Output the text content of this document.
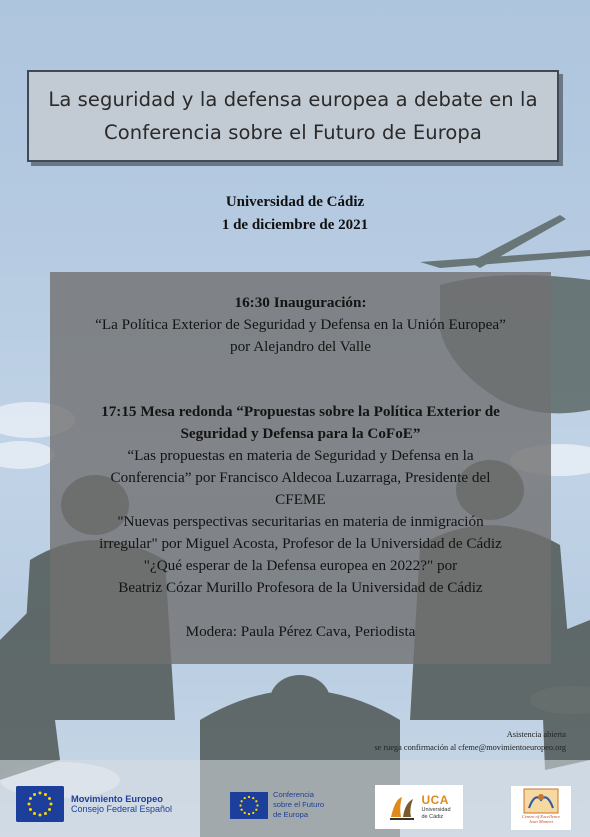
La seguridad y la defensa europea a debate en la Conferencia sobre el Futuro de Europa
Universidad de Cádiz
1 de diciembre de 2021

16:30 Inauguración:

“La Política Exterior de Seguridad y Defensa en la Unión Europea”

por Alejandro del Valle

17:15 Mesa redonda “Propuestas sobre la Política Exterior de

Seguridad y Defensa para la CoFoE”

“Las propuestas en materia de Seguridad y Defensa en la

Conferencia” por Francisco Aldecoa Luzarraga, Presidente del

CFEME

"Nuevas perspectivas securitarias en materia de inmigración

irregular" por Miguel Acosta, Profesor de la Universidad de Cádiz

"¿Qué esperar de la Defensa europea en 2022?" por

Beatriz Cózar Murillo Profesora de la Universidad de Cádiz

Modera: Paula Pérez Cava, Periodista

Asistencia abierta
se ruega confirmación al cfeme@movimientoeuropeo.org
Movimiento Europeo
Consejo Federal Español
Conferencia
sobre el Futuro
de Europa
UCA
Universidad
de Cádiz	Centro of Excellence
Jean Monnet
